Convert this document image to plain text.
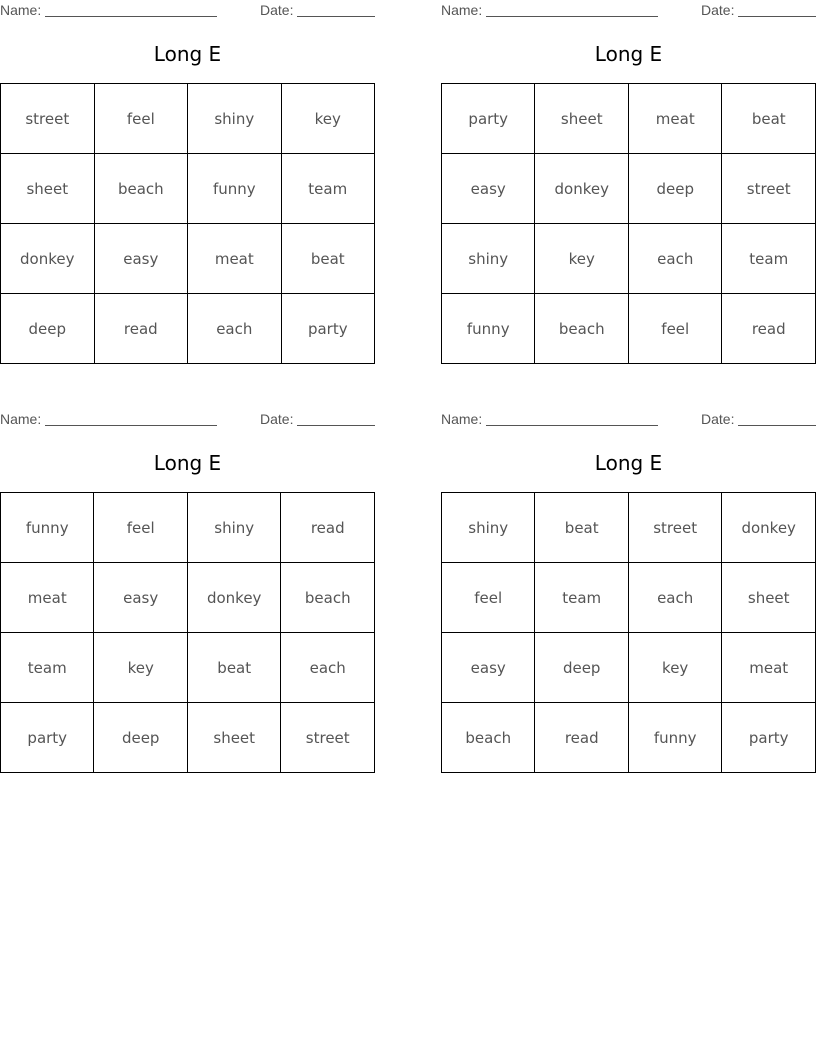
Name:	Date:
Long E
street	feel	shiny	key
sheet	beach	funny	team
donkey	easy	meat	beat
deep	read	each	party
Name:	Date:
Long E
party	sheet	meat	beat
easy	donkey	deep	street
shiny	key	each	team
funny	beach	feel	read
Name:	Date:
Long E
funny	feel	shiny	read
meat	easy	donkey	beach
team	key	beat	each
party	deep	sheet	street
Name:	Date:
Long E
shiny	beat	street	donkey
feel	team	each	sheet
easy	deep	key	meat
beach	read	funny	party
